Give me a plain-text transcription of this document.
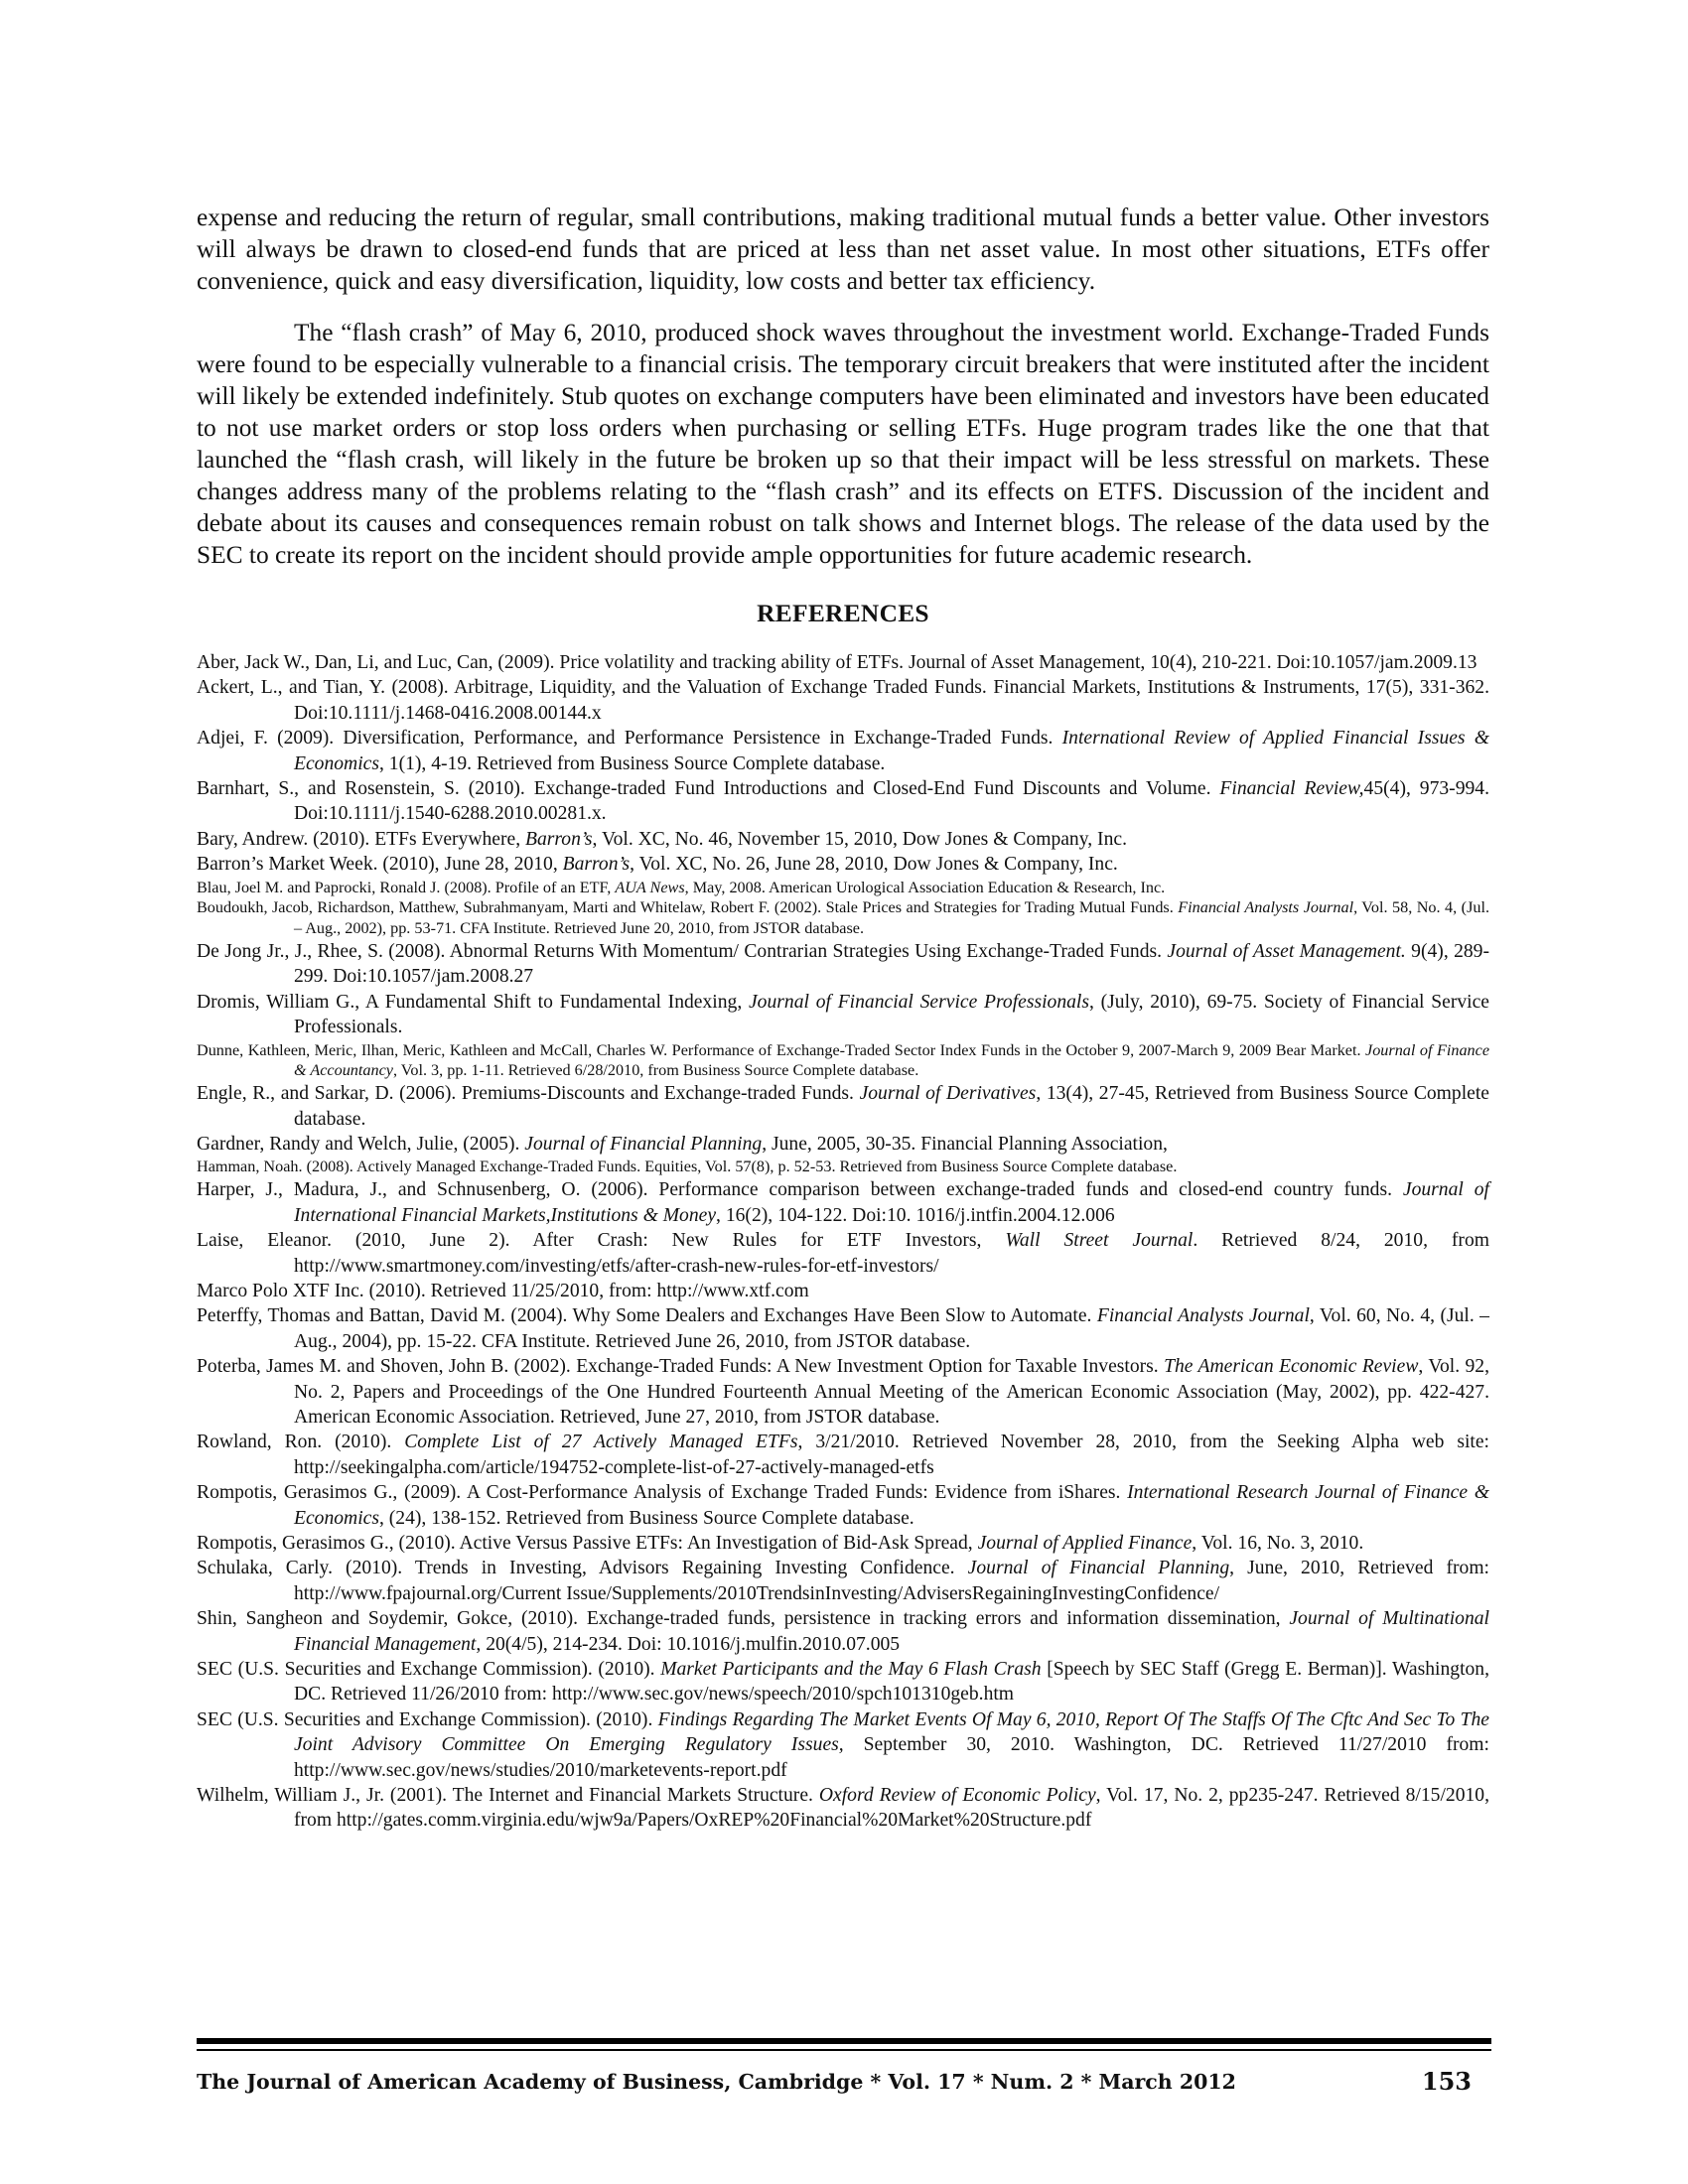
expense and reducing the return of regular, small contributions, making traditional mutual funds a better value. Other investors will always be drawn to closed-end funds that are priced at less than net asset value. In most other situations, ETFs offer convenience, quick and easy diversification, liquidity, low costs and better tax efficiency.

The “flash crash” of May 6, 2010, produced shock waves throughout the investment world. Exchange-Traded Funds were found to be especially vulnerable to a financial crisis. The temporary circuit breakers that were instituted after the incident will likely be extended indefinitely. Stub quotes on exchange computers have been eliminated and investors have been educated to not use market orders or stop loss orders when purchasing or selling ETFs. Huge program trades like the one that that launched the “flash crash, will likely in the future be broken up so that their impact will be less stressful on markets. These changes address many of the problems relating to the “flash crash” and its effects on ETFS. Discussion of the incident and debate about its causes and consequences remain robust on talk shows and Internet blogs. The release of the data used by the SEC to create its report on the incident should provide ample opportunities for future academic research.

REFERENCES
Aber, Jack W., Dan, Li, and Luc, Can, (2009). Price volatility and tracking ability of ETFs. Journal of Asset Management, 10(4), 210-221. Doi:10.1057/jam.2009.13
Ackert, L., and Tian, Y. (2008). Arbitrage, Liquidity, and the Valuation of Exchange Traded Funds. Financial Markets, Institutions & Instruments, 17(5), 331-362. Doi:10.1111/j.1468-0416.2008.00144.x
Adjei, F. (2009). Diversification, Performance, and Performance Persistence in Exchange-Traded Funds. International Review of Applied Financial Issues & Economics, 1(1), 4-19. Retrieved from Business Source Complete database.
Barnhart, S., and Rosenstein, S. (2010). Exchange-traded Fund Introductions and Closed-End Fund Discounts and Volume. Financial Review,45(4), 973-994. Doi:10.1111/j.1540-6288.2010.00281.x.
Bary, Andrew. (2010). ETFs Everywhere, Barron’s, Vol. XC, No. 46, November 15, 2010, Dow Jones & Company, Inc.
Barron’s Market Week. (2010), June 28, 2010, Barron’s, Vol. XC, No. 26, June 28, 2010, Dow Jones & Company, Inc.
Blau, Joel M. and Paprocki, Ronald J. (2008). Profile of an ETF, AUA News, May, 2008. American Urological Association Education & Research, Inc.
Boudoukh, Jacob, Richardson, Matthew, Subrahmanyam, Marti and Whitelaw, Robert F. (2002). Stale Prices and Strategies for Trading Mutual Funds. Financial Analysts Journal, Vol. 58, No. 4, (Jul. – Aug., 2002), pp. 53-71. CFA Institute. Retrieved June 20, 2010, from JSTOR database.
De Jong Jr., J., Rhee, S. (2008). Abnormal Returns With Momentum/ Contrarian Strategies Using Exchange-Traded Funds. Journal of Asset Management. 9(4), 289-299. Doi:10.1057/jam.2008.27
Dromis, William G., A Fundamental Shift to Fundamental Indexing, Journal of Financial Service Professionals, (July, 2010), 69-75. Society of Financial Service Professionals.
Dunne, Kathleen, Meric, Ilhan, Meric, Kathleen and McCall, Charles W. Performance of Exchange-Traded Sector Index Funds in the October 9, 2007-March 9, 2009 Bear Market. Journal of Finance & Accountancy, Vol. 3, pp. 1-11. Retrieved 6/28/2010, from Business Source Complete database.
Engle, R., and Sarkar, D. (2006). Premiums-Discounts and Exchange-traded Funds. Journal of Derivatives, 13(4), 27-45, Retrieved from Business Source Complete database.
Gardner, Randy and Welch, Julie, (2005). Journal of Financial Planning, June, 2005, 30-35. Financial Planning Association,
Hamman, Noah. (2008). Actively Managed Exchange-Traded Funds. Equities, Vol. 57(8), p. 52-53. Retrieved from Business Source Complete database.
Harper, J., Madura, J., and Schnusenberg, O. (2006). Performance comparison between exchange-traded funds and closed-end country funds. Journal of International Financial Markets,Institutions & Money, 16(2), 104-122. Doi:10. 1016/j.intfin.2004.12.006
Laise, Eleanor. (2010, June 2). After Crash: New Rules for ETF Investors, Wall Street Journal. Retrieved 8/24, 2010, from http://www.smartmoney.com/investing/etfs/after-crash-new-rules-for-etf-investors/
Marco Polo XTF Inc. (2010). Retrieved 11/25/2010, from: http://www.xtf.com
Peterffy, Thomas and Battan, David M. (2004). Why Some Dealers and Exchanges Have Been Slow to Automate. Financial Analysts Journal, Vol. 60, No. 4, (Jul. – Aug., 2004), pp. 15-22. CFA Institute. Retrieved June 26, 2010, from JSTOR database.
Poterba, James M. and Shoven, John B. (2002). Exchange-Traded Funds: A New Investment Option for Taxable Investors. The American Economic Review, Vol. 92, No. 2, Papers and Proceedings of the One Hundred Fourteenth Annual Meeting of the American Economic Association (May, 2002), pp. 422-427. American Economic Association. Retrieved, June 27, 2010, from JSTOR database.
Rowland, Ron. (2010). Complete List of 27 Actively Managed ETFs, 3/21/2010. Retrieved November 28, 2010, from the Seeking Alpha web site: http://seekingalpha.com/article/194752-complete-list-of-27-actively-managed-etfs
Rompotis, Gerasimos G., (2009). A Cost-Performance Analysis of Exchange Traded Funds: Evidence from iShares. International Research Journal of Finance & Economics, (24), 138-152. Retrieved from Business Source Complete database.
Rompotis, Gerasimos G., (2010). Active Versus Passive ETFs: An Investigation of Bid-Ask Spread, Journal of Applied Finance, Vol. 16, No. 3, 2010.
Schulaka, Carly. (2010). Trends in Investing, Advisors Regaining Investing Confidence. Journal of Financial Planning, June, 2010, Retrieved from: http://www.fpajournal.org/Current Issue/Supplements/2010TrendsinInvesting/AdvisersRegainingInvestingConfidence/
Shin, Sangheon and Soydemir, Gokce, (2010). Exchange-traded funds, persistence in tracking errors and information dissemination, Journal of Multinational Financial Management, 20(4/5), 214-234. Doi: 10.1016/j.mulfin.2010.07.005
SEC (U.S. Securities and Exchange Commission). (2010). Market Participants and the May 6 Flash Crash [Speech by SEC Staff (Gregg E. Berman)]. Washington, DC. Retrieved 11/26/2010 from: http://www.sec.gov/news/speech/2010/spch101310geb.htm
SEC (U.S. Securities and Exchange Commission). (2010). Findings Regarding The Market Events Of May 6, 2010, Report Of The Staffs Of The Cftc And Sec To The Joint Advisory Committee On Emerging Regulatory Issues, September 30, 2010. Washington, DC. Retrieved 11/27/2010 from: http://www.sec.gov/news/studies/2010/marketevents-report.pdf
Wilhelm, William J., Jr. (2001). The Internet and Financial Markets Structure. Oxford Review of Economic Policy, Vol. 17, No. 2, pp235-247. Retrieved 8/15/2010, from http://gates.comm.virginia.edu/wjw9a/Papers/OxREP%20Financial%20Market%20Structure.pdf
The Journal of American Academy of Business, Cambridge * Vol. 17 * Num. 2 * March 2012	153
